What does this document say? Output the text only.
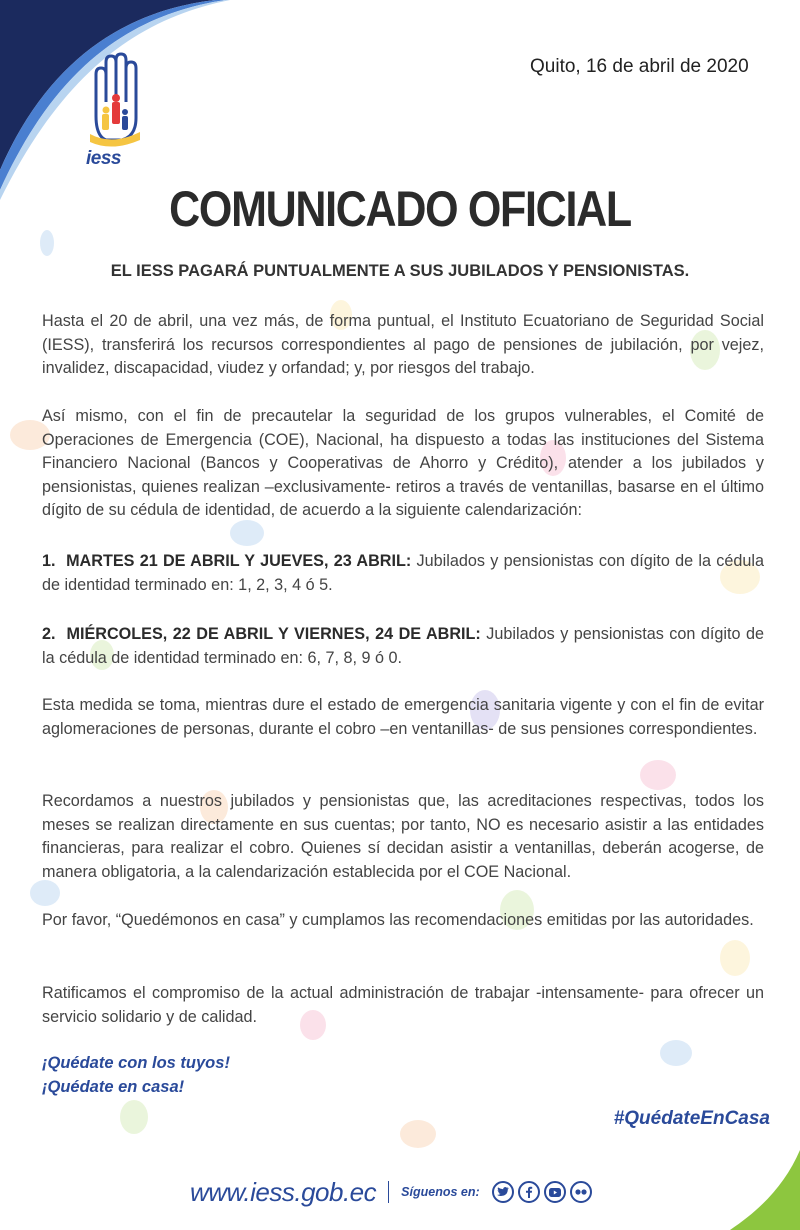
Quito, 16 de abril de 2020
iess
COMUNICADO OFICIAL
EL IESS PAGARÁ PUNTUALMENTE A SUS JUBILADOS Y PENSIONISTAS.
Hasta el 20 de abril, una vez más, de forma puntual, el Instituto Ecuatoriano de Seguridad Social (IESS), transferirá los recursos correspondientes al pago de pensiones de jubilación, por vejez, invalidez, discapacidad, viudez y orfandad; y, por riesgos del trabajo.
Así mismo, con el fin de precautelar la seguridad de los grupos vulnerables, el Comité de Operaciones de Emergencia (COE), Nacional, ha dispuesto a todas las instituciones del Sistema Financiero Nacional (Bancos y Cooperativas de Ahorro y Crédito), atender a los jubilados y pensionistas, quienes realizan –exclusivamente- retiros a través de ventanillas, basarse en el último dígito de su cédula de identidad, de acuerdo a la siguiente calendarización:
1. MARTES 21 DE ABRIL Y JUEVES, 23 ABRIL: Jubilados y pensionistas con dígito de la cédula de identidad terminado en: 1, 2, 3, 4 ó 5.
2. MIÉRCOLES, 22 DE ABRIL Y VIERNES, 24 DE ABRIL: Jubilados y pensionistas con dígito de la cédula de identidad terminado en: 6, 7, 8, 9 ó 0.
Esta medida se toma, mientras dure el estado de emergencia sanitaria vigente y con el fin de evitar aglomeraciones de personas, durante el cobro –en ventanillas- de sus pensiones correspondientes.
Recordamos a nuestros jubilados y pensionistas que, las acreditaciones respectivas, todos los meses se realizan directamente en sus cuentas; por tanto, NO es necesario asistir a las entidades financieras, para realizar el cobro. Quienes sí decidan asistir a ventanillas, deberán acogerse, de manera obligatoria, a la calendarización establecida por el COE Nacional.
Por favor, “Quedémonos en casa” y cumplamos las recomendaciones emitidas por las autoridades.
Ratificamos el compromiso de la actual administración de trabajar -intensamente- para ofrecer un servicio solidario y de calidad.
¡Quédate con los tuyos!
¡Quédate en casa!
#QuédateEnCasa
www.iess.gob.ec Síguenos en:
